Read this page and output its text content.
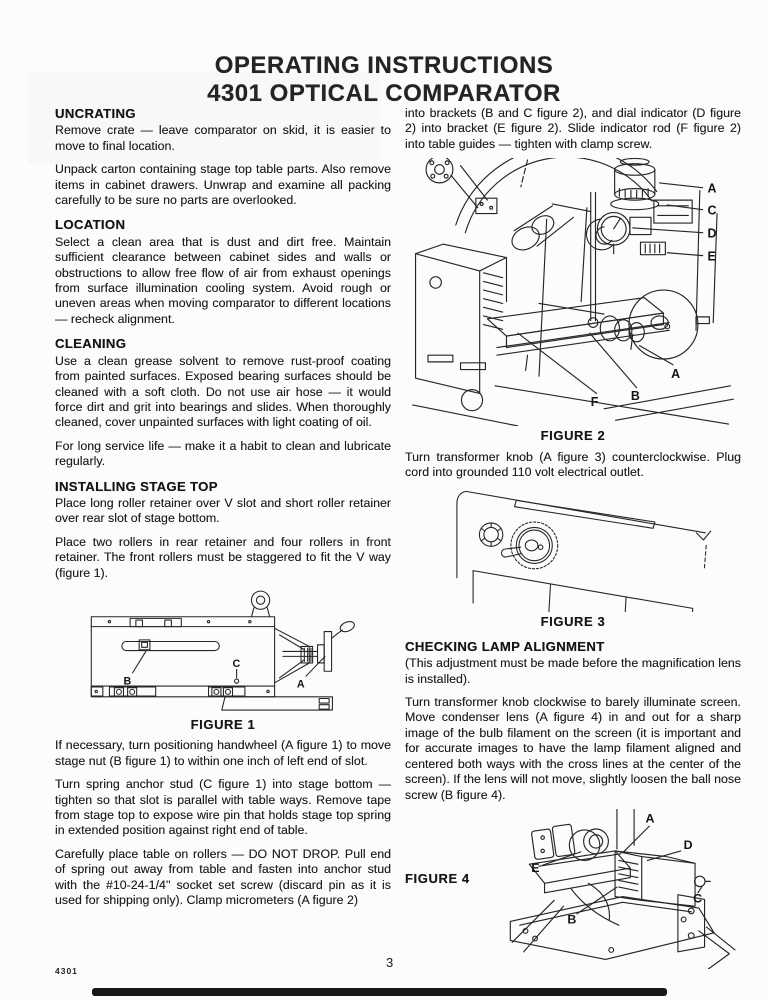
OPERATING INSTRUCTIONS
4301 OPTICAL COMPARATOR
UNCRATING

Remove crate — leave comparator on skid, it is easier to move to final location.

Unpack carton containing stage top table parts. Also remove items in cabinet drawers. Unwrap and examine all packing carefully to be sure no parts are overlooked.

LOCATION

Select a clean area that is dust and dirt free. Maintain sufficient clearance between cabinet sides and walls or obstructions to allow free flow of air from exhaust openings from surface illumination cooling system. Avoid rough or uneven areas when moving comparator to different locations — recheck alignment.

CLEANING

Use a clean grease solvent to remove rust-proof coating from painted surfaces. Exposed bearing surfaces should be cleaned with a soft cloth. Do not use air hose — it would force dirt and grit into bearings and slides. When thoroughly cleaned, cover unpainted surfaces with light coating of oil.

For long service life — make it a habit to clean and lubricate regularly.

INSTALLING STAGE TOP

Place long roller retainer over V slot and short roller retainer over rear slot of stage bottom.

Place two rollers in rear retainer and four rollers in front retainer. The front rollers must be staggered to fit the V way (figure 1).

B
C
A
FIGURE 1

If necessary, turn positioning handwheel (A figure 1) to move stage nut (B figure 1) to within one inch of left end of slot.

Turn spring anchor stud (C figure 1) into stage bottom — tighten so that slot is parallel with table ways. Remove tape from stage top to expose wire pin that holds stage top spring in extended position against right end of table.

Carefully place table on rollers — DO NOT DROP. Pull end of spring out away from table and fasten into anchor stud with the #10-24-1/4'' socket set screw (discard pin as it is used for shipping only). Clamp micrometers (A figure 2)

into brackets (B and C figure 2), and dial indicator (D figure 2) into bracket (E figure 2). Slide indicator rod (F figure 2) into table guides — tighten with clamp screw.

A
C
D
E
F	B
A
FIGURE 2

Turn transformer knob (A figure 3) counterclockwise. Plug cord into grounded 110 volt electrical outlet.

FIGURE 3
CHECKING LAMP ALIGNMENT

(This adjustment must be made before the magnification lens is installed).

Turn transformer knob clockwise to barely illuminate screen. Move condenser lens (A figure 4) in and out for a sharp image of the bulb filament on the screen (it is important and for accurate images to have the lamp filament aligned and centered both ways with the cross lines at the center of the screen). If the lens will not move, slightly loosen the ball nose screw (B figure 4).

FIGURE 4
A
D
C
E
B
4301
3
